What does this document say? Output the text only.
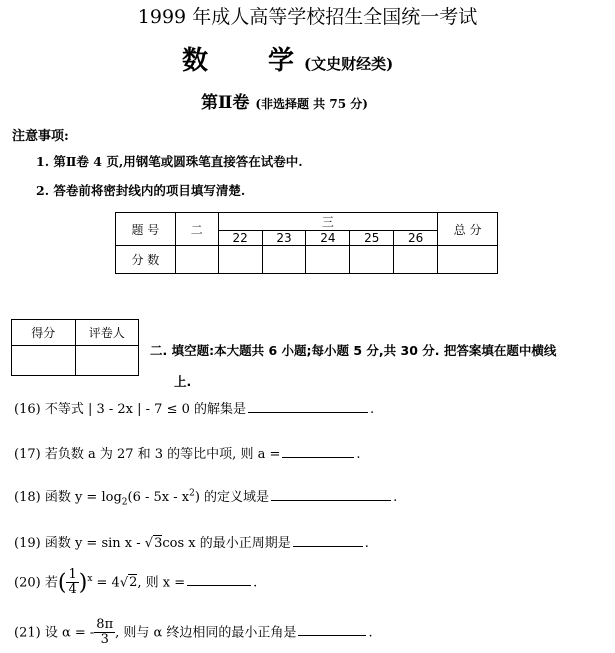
1999 年成人高等学校招生全国统一考试
数 学 (文史财经类)
第Ⅱ卷 (非选择题 共 75 分)
注意事项:
1. 第Ⅱ卷 4 页,用钢笔或圆珠笔直接答在试卷中.
2. 答卷前将密封线内的项目填写清楚.
题 号	二	三					总 分
		22	23	24	25	26	
分 数							
得分	评卷人

二. 填空题:本大题共 6 小题;每小题 5 分,共 30 分. 把答案填在题中横线
上.
(16) 不等式 | 3 - 2x | - 7 ≤ 0 的解集是	.
(17) 若负数 a 为 27 和 3 的等比中项, 则 a =	.
(18) 函数 $y = \log_2(6 - 5x - x^2)$ 的定义域是	.
(19) 函数 y = sin x - √3cos x 的最小正周期是	.
(20) 若( $\frac{1}{4} )^x = 4√2$, 则 x =	.
(21) 设 α = - $\frac{8\pi}{3}$ , 则与 α 终边相同的最小正角是	.
